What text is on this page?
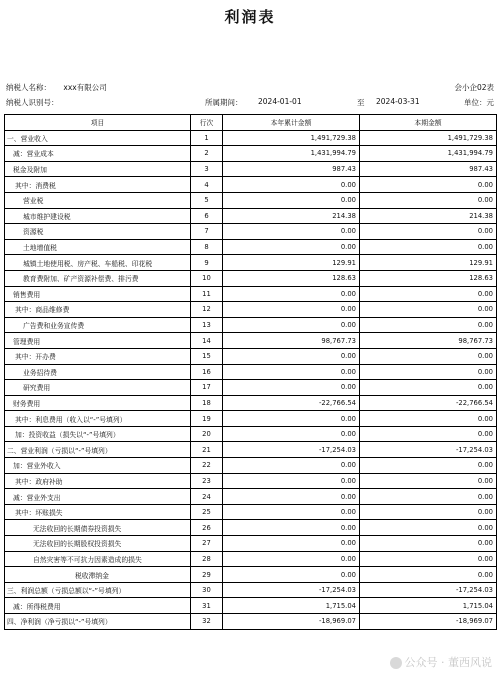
利润表
纳税人名称： xxx有限公司	会小企02表
纳税人识别号：	所属期间： 2024-01-01	至 2024-03-31	单位：元
项目	行次	本年累计金额	本期金额
一、营业收入	1	1,491,729.38	1,491,729.38
减：营业成本	2	1,431,994.79	1,431,994.79
税金及附加	3	987.43	987.43
其中：消费税	4	0.00	0.00
营业税	5	0.00	0.00
城市维护建设税	6	214.38	214.38
资源税	7	0.00	0.00
土地增值税	8	0.00	0.00
城镇土地使用税、房产税、车船税、印花税	9	129.91	129.91
教育费附加、矿产资源补偿费、排污费	10	128.63	128.63
销售费用	11	0.00	0.00
其中：商品维修费	12	0.00	0.00
广告费和业务宣传费	13	0.00	0.00
管理费用	14	98,767.73	98,767.73
其中：开办费	15	0.00	0.00
业务招待费	16	0.00	0.00
研究费用	17	0.00	0.00
财务费用	18	-22,766.54	-22,766.54
其中：利息费用（收入以“-”号填列）	19	0.00	0.00
加：投资收益（损失以“-”号填列）	20	0.00	0.00
二、营业利润（亏损以“-”号填列）	21	-17,254.03	-17,254.03
加：营业外收入	22	0.00	0.00
其中：政府补助	23	0.00	0.00
减：营业外支出	24	0.00	0.00
其中：坏账损失	25	0.00	0.00
无法收回的长期债券投资损失	26	0.00	0.00
无法收回的长期股权投资损失	27	0.00	0.00
自然灾害等不可抗力因素造成的损失	28	0.00	0.00
税收滞纳金	29	0.00	0.00
三、利润总额（亏损总额以“-”号填列）	30	-17,254.03	-17,254.03
减：所得税费用	31	1,715.04	1,715.04
四、净利润（净亏损以“-”号填列）	32	-18,969.07	-18,969.07
公众号 · 董西风说
